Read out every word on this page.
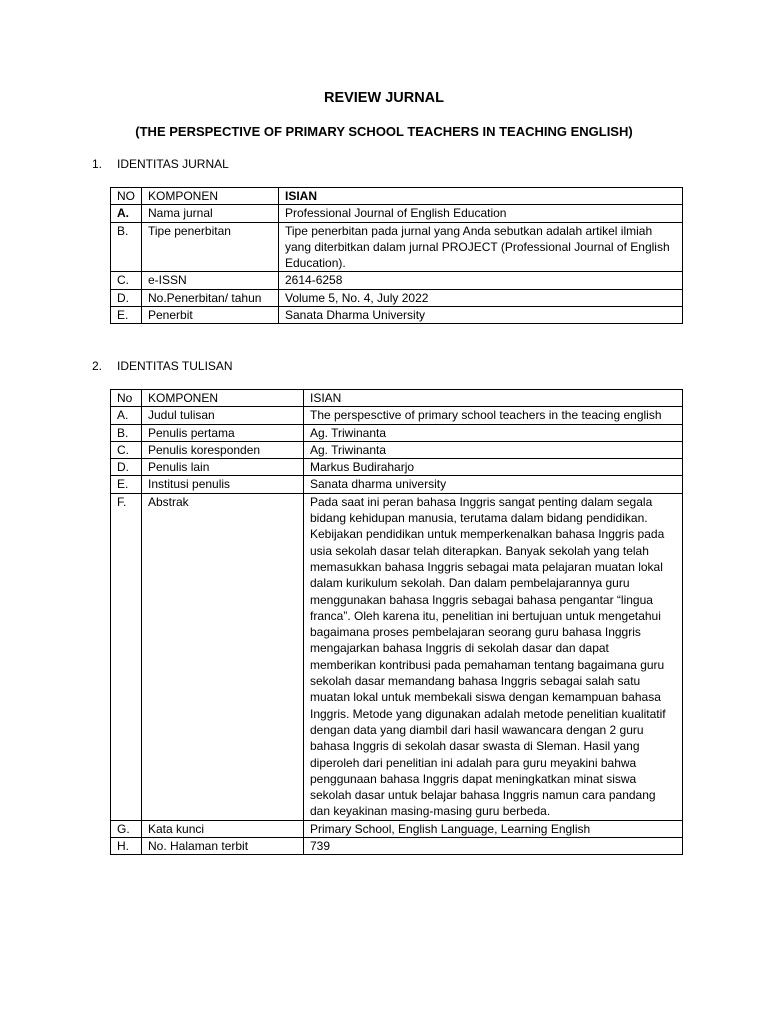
REVIEW JURNAL
(THE PERSPECTIVE OF PRIMARY SCHOOL TEACHERS IN TEACHING ENGLISH)
1. IDENTITAS JURNAL
NO	KOMPONEN	ISIAN
A.	Nama jurnal	Professional Journal of English Education
B.	Tipe penerbitan	Tipe penerbitan pada jurnal yang Anda sebutkan adalah artikel ilmiah yang diterbitkan dalam jurnal PROJECT (Professional Journal of English Education).
C.	e-ISSN	2614-6258
D.	No.Penerbitan/ tahun	Volume 5, No. 4, July 2022
E.	Penerbit	Sanata Dharma University
2. IDENTITAS TULISAN
No	KOMPONEN	ISIAN
A.	Judul tulisan	The perspesctive of primary school teachers in the teacing english
B.	Penulis pertama	Ag. Triwinanta
C.	Penulis koresponden	Ag. Triwinanta
D.	Penulis lain	Markus Budiraharjo
E.	Institusi penulis	Sanata dharma university
F.	Abstrak	Pada saat ini peran bahasa Inggris sangat penting dalam segala bidang kehidupan manusia, terutama dalam bidang pendidikan. Kebijakan pendidikan untuk memperkenalkan bahasa Inggris pada usia sekolah dasar telah diterapkan. Banyak sekolah yang telah memasukkan bahasa Inggris sebagai mata pelajaran muatan lokal dalam kurikulum sekolah. Dan dalam pembelajarannya guru menggunakan bahasa Inggris sebagai bahasa pengantar “lingua franca”. Oleh karena itu, penelitian ini bertujuan untuk mengetahui bagaimana proses pembelajaran seorang guru bahasa Inggris mengajarkan bahasa Inggris di sekolah dasar dan dapat memberikan kontribusi pada pemahaman tentang bagaimana guru sekolah dasar memandang bahasa Inggris sebagai salah satu muatan lokal untuk membekali siswa dengan kemampuan bahasa Inggris. Metode yang digunakan adalah metode penelitian kualitatif dengan data yang diambil dari hasil wawancara dengan 2 guru bahasa Inggris di sekolah dasar swasta di Sleman. Hasil yang diperoleh dari penelitian ini adalah para guru meyakini bahwa penggunaan bahasa Inggris dapat meningkatkan minat siswa sekolah dasar untuk belajar bahasa Inggris namun cara pandang dan keyakinan masing-masing guru berbeda.
G.	Kata kunci	Primary School, English Language, Learning English
H.	No. Halaman terbit	739
